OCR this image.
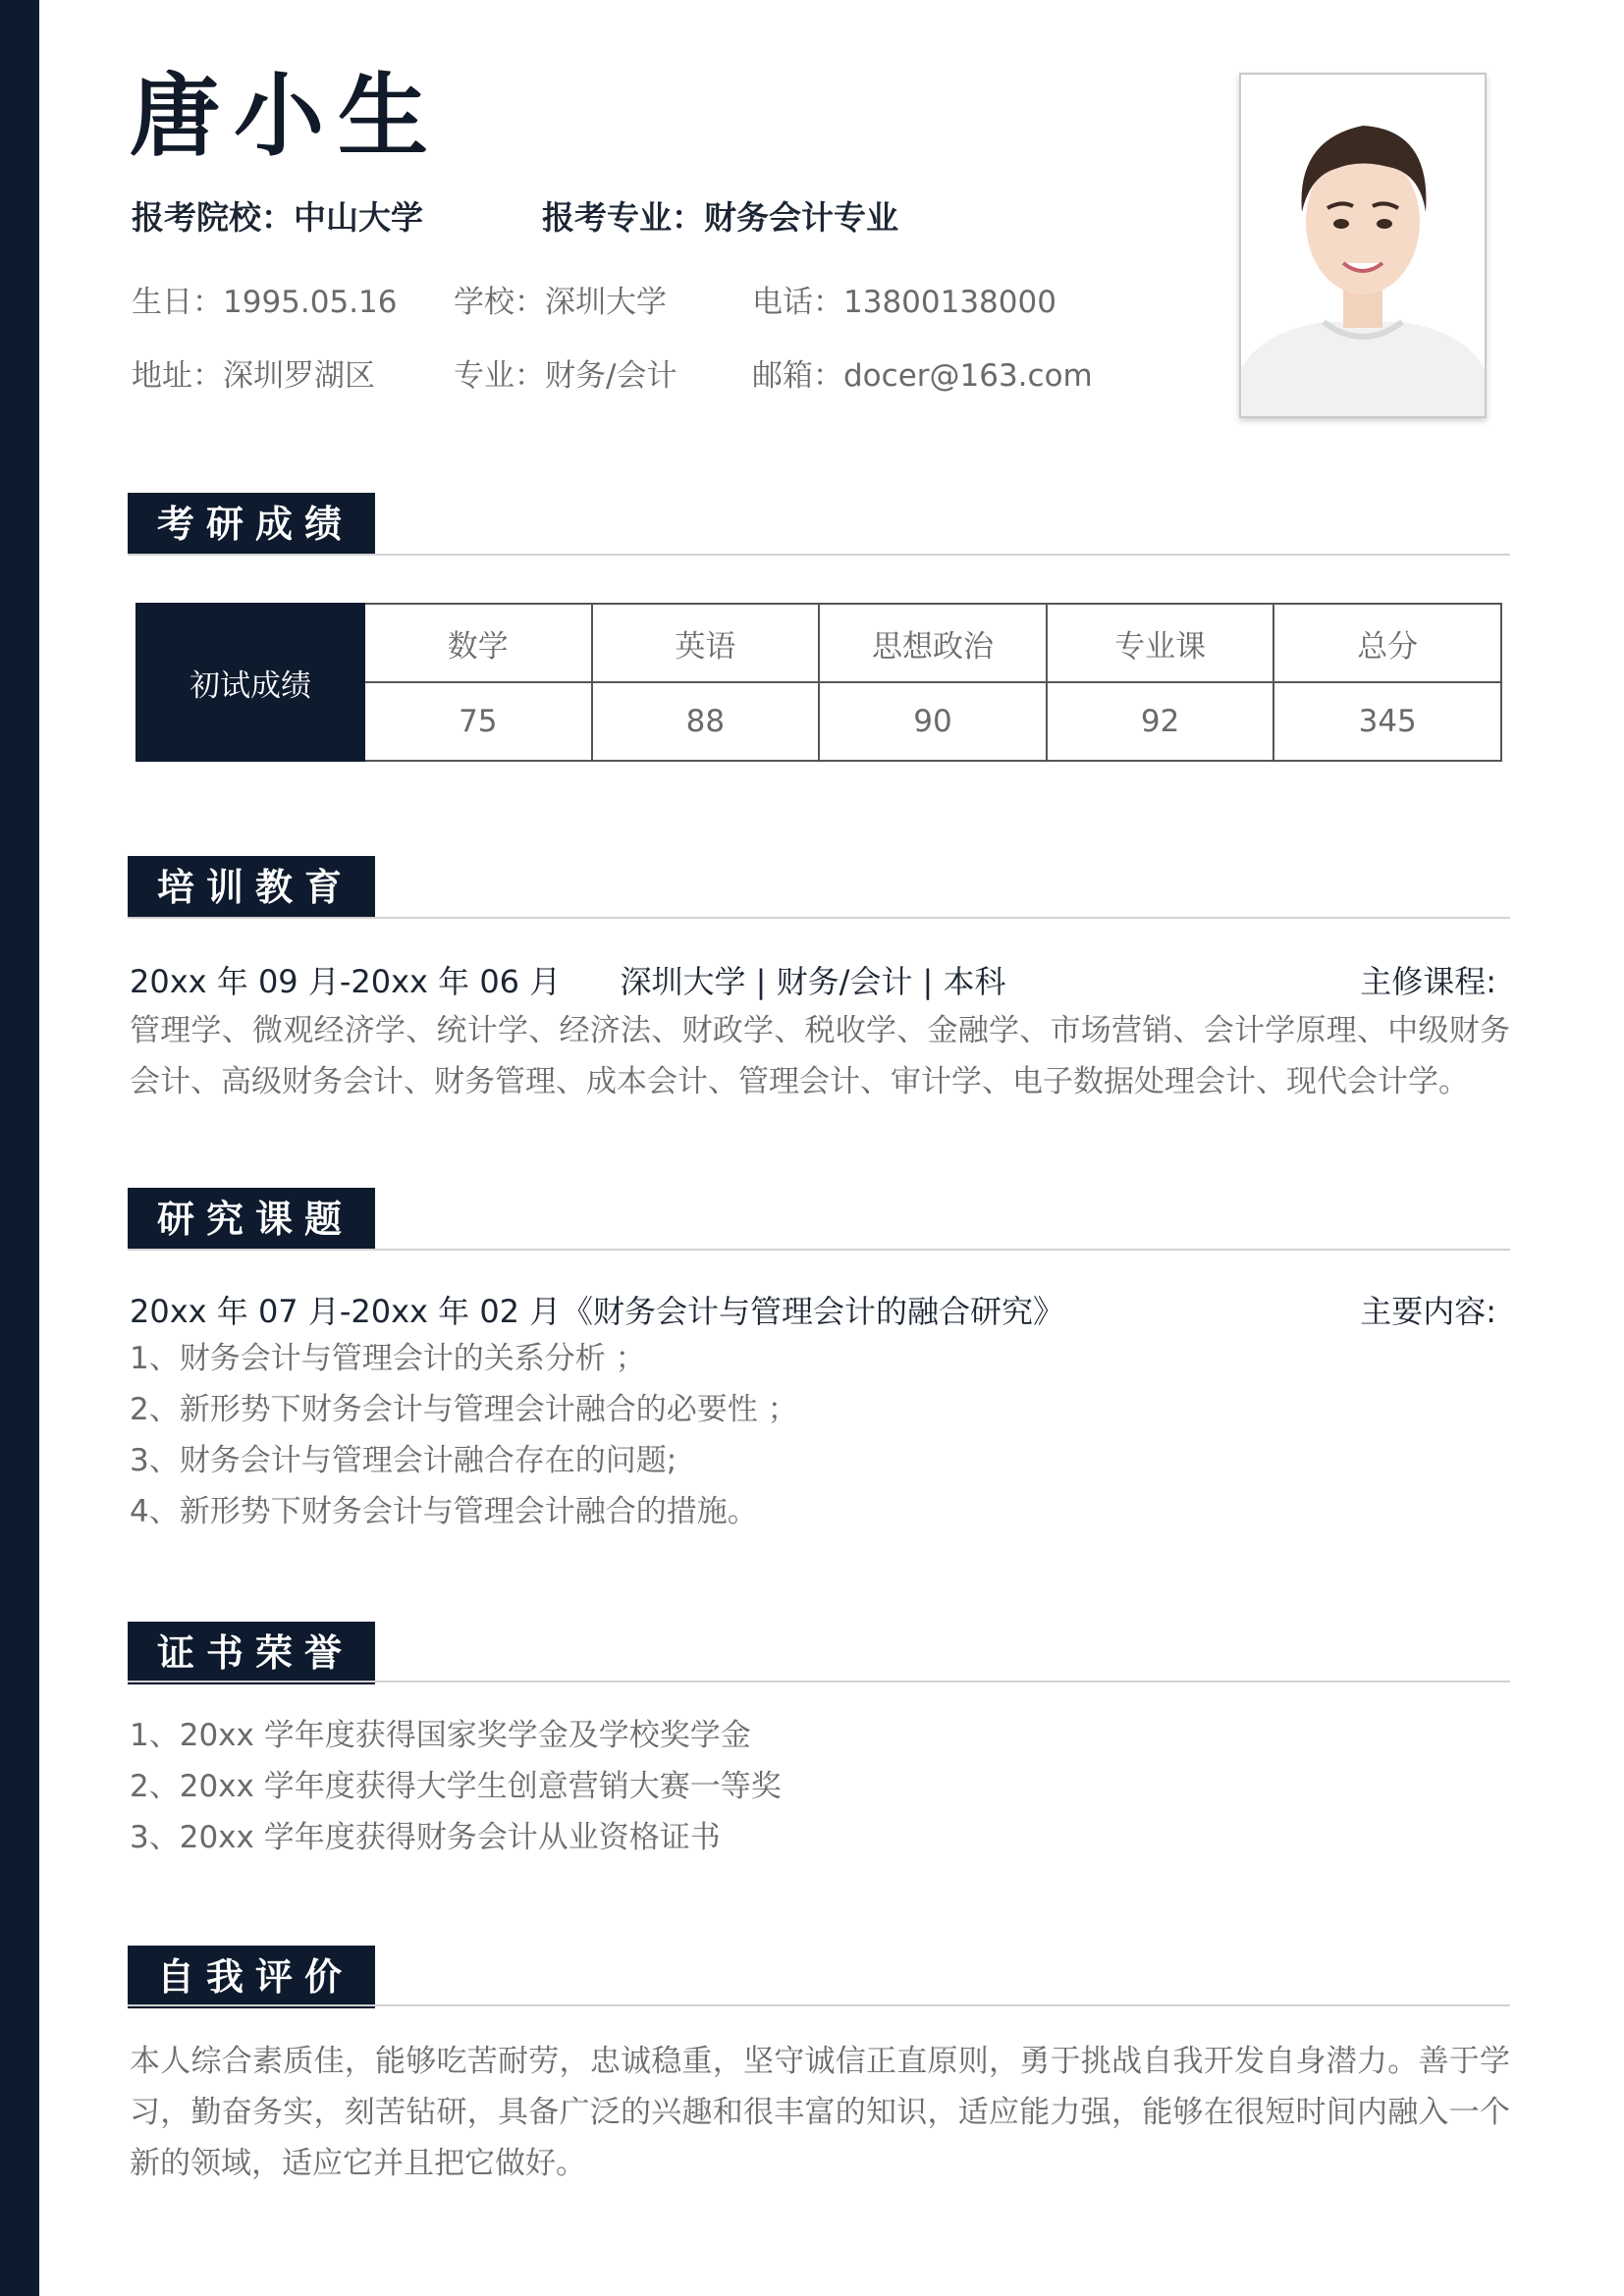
唐小生
报考院校：中山大学	报考专业：财务会计专业
生日：1995.05.16 学校：深圳大学	电话：13800138000
地址：深圳罗湖区	专业：财务/会计 邮箱：docer@163.com
考研成绩
初试成绩	数学	英语	思想政治	专业课	总分
	75	88	90	92	345
培训教育
20xx 年 09 月-20xx 年 06 月	深圳大学 | 财务/会计 | 本科	主修课程:
管理学、微观经济学、统计学、经济法、财政学、税收学、金融学、市场营销、会计学原理、中级财务会计、高级财务会计、财务管理、成本会计、管理会计、审计学、电子数据处理会计、现代会计学。
研究课题
20xx 年 07 月-20xx 年 02 月 《财务会计与管理会计的融合研究》	主要内容:
1、财务会计与管理会计的关系分析 ；
2、新形势下财务会计与管理会计融合的必要性 ；
3、财务会计与管理会计融合存在的问题;
4、新形势下财务会计与管理会计融合的措施。
证书荣誉
1、20xx 学年度获得国家奖学金及学校奖学金
2、20xx 学年度获得大学生创意营销大赛一等奖
3、20xx 学年度获得财务会计从业资格证书
自我评价
本人综合素质佳，能够吃苦耐劳，忠诚稳重，坚守诚信正直原则，勇于挑战自我开发自身潜力。善于学习，勤奋务实，刻苦钻研，具备广泛的兴趣和很丰富的知识，适应能力强，能够在很短时间内融入一个新的领域，适应它并且把它做好。
